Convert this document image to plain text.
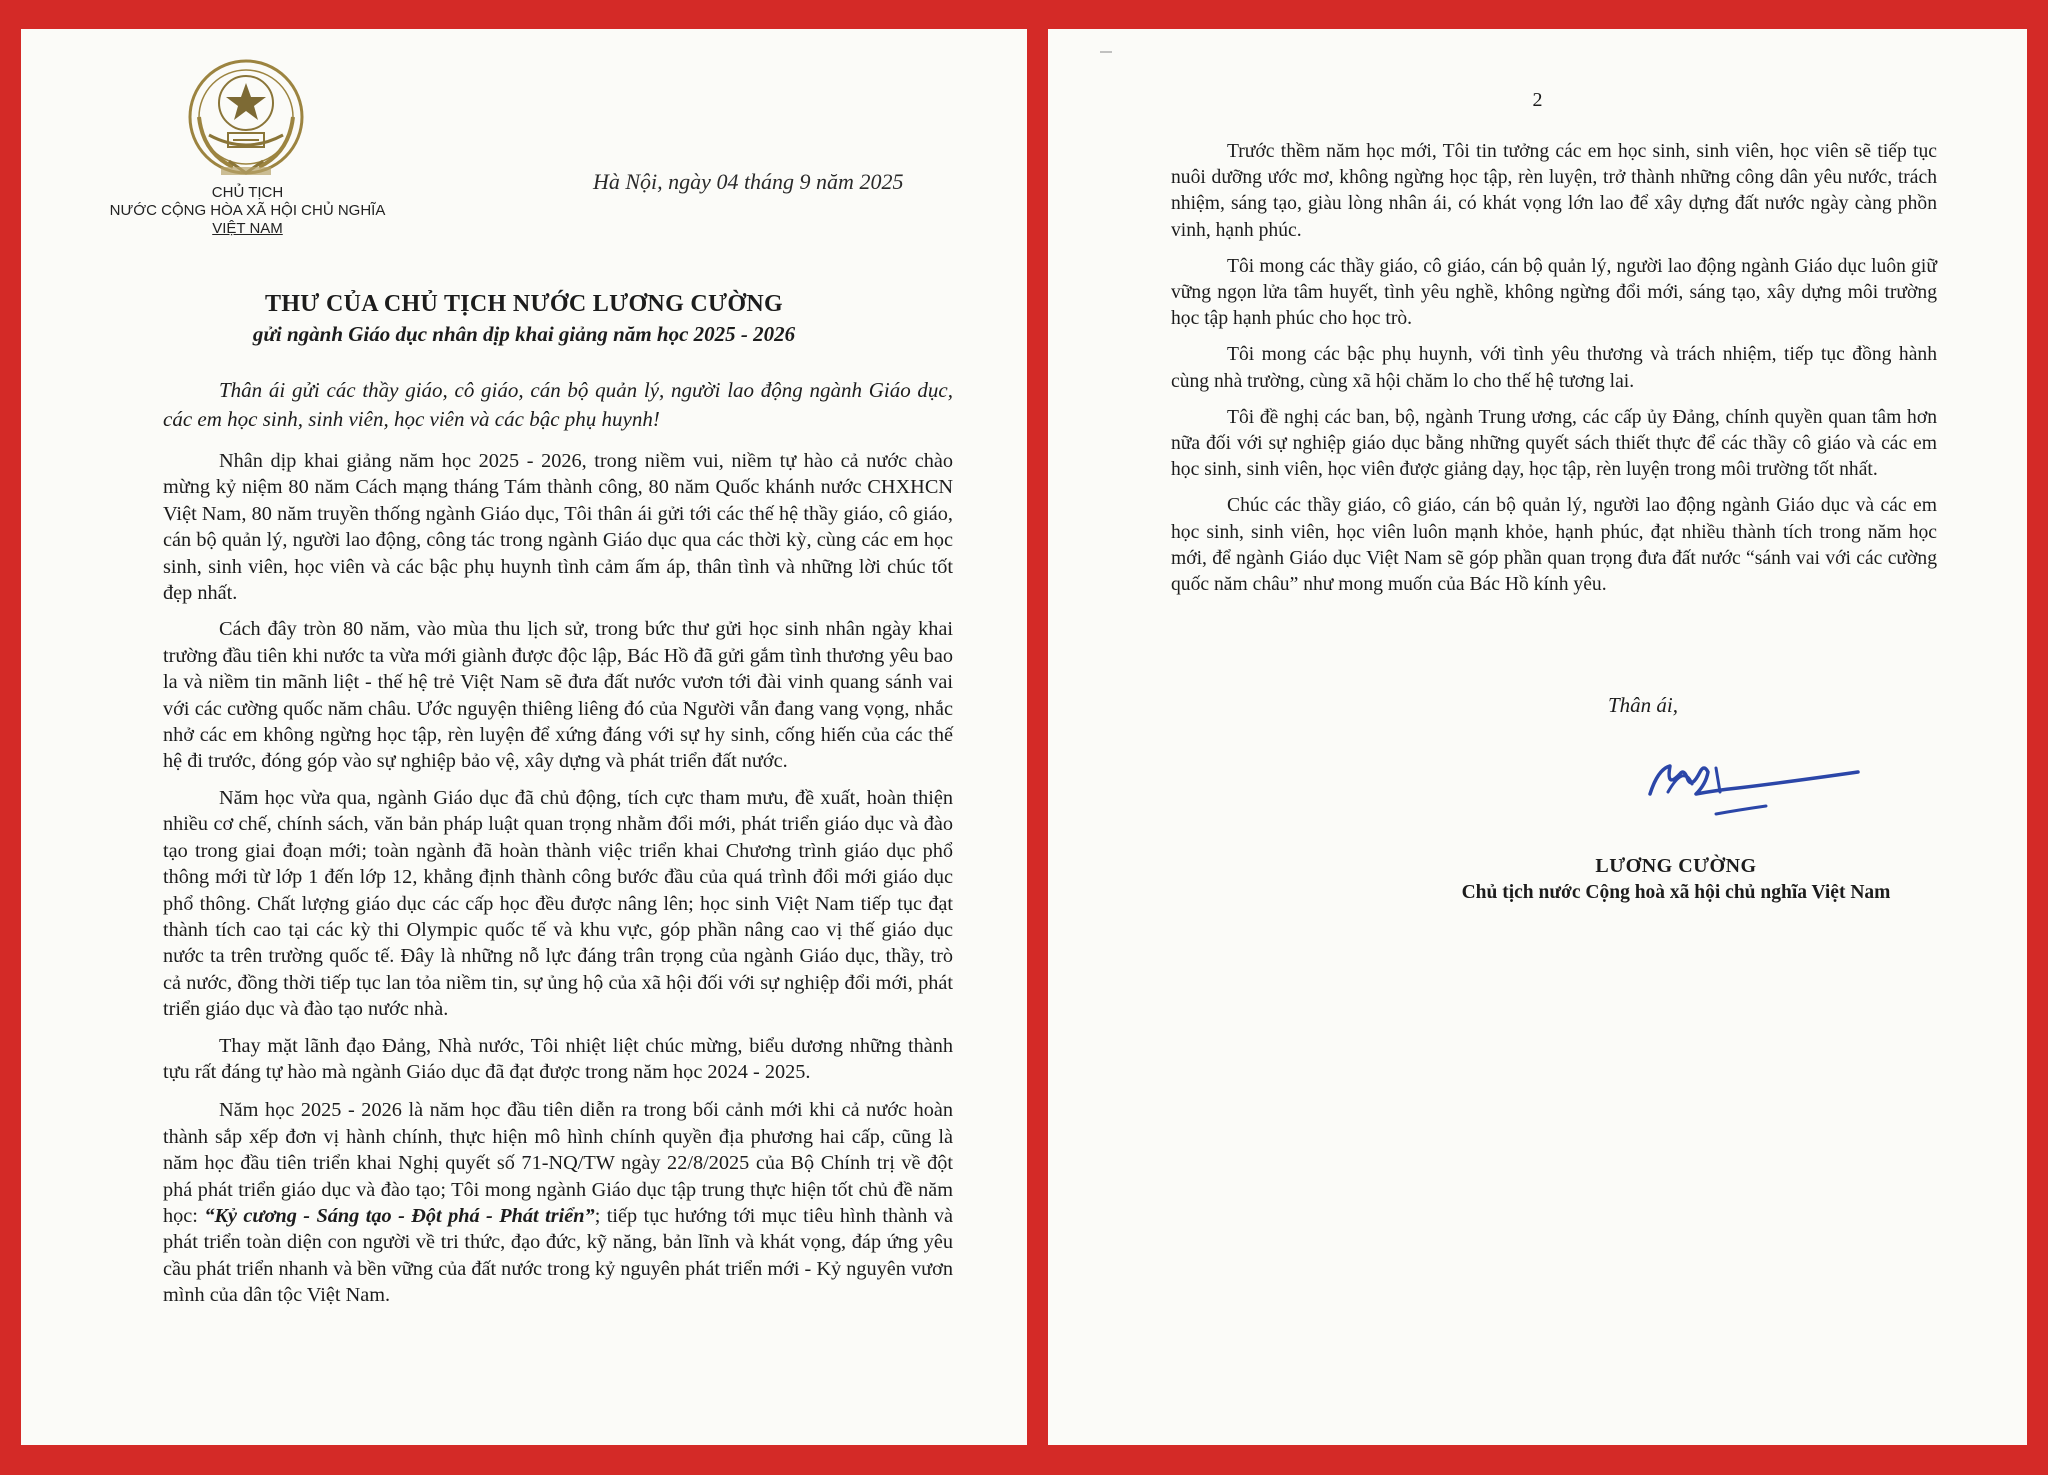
CHỦ TỊCH
NƯỚC CỘNG HÒA XÃ HỘI CHỦ NGHĨA
VIỆT NAM
Hà Nội, ngày 04 tháng 9 năm 2025
THƯ CỦA CHỦ TỊCH NƯỚC LƯƠNG CƯỜNG
gửi ngành Giáo dục nhân dịp khai giảng năm học 2025 - 2026

Thân ái gửi các thầy giáo, cô giáo, cán bộ quản lý, người lao động ngành Giáo dục, các em học sinh, sinh viên, học viên và các bậc phụ huynh!

Nhân dịp khai giảng năm học 2025 - 2026, trong niềm vui, niềm tự hào cả nước chào mừng kỷ niệm 80 năm Cách mạng tháng Tám thành công, 80 năm Quốc khánh nước CHXHCN Việt Nam, 80 năm truyền thống ngành Giáo dục, Tôi thân ái gửi tới các thế hệ thầy giáo, cô giáo, cán bộ quản lý, người lao động, công tác trong ngành Giáo dục qua các thời kỳ, cùng các em học sinh, sinh viên, học viên và các bậc phụ huynh tình cảm ấm áp, thân tình và những lời chúc tốt đẹp nhất.

Cách đây tròn 80 năm, vào mùa thu lịch sử, trong bức thư gửi học sinh nhân ngày khai trường đầu tiên khi nước ta vừa mới giành được độc lập, Bác Hồ đã gửi gắm tình thương yêu bao la và niềm tin mãnh liệt - thế hệ trẻ Việt Nam sẽ đưa đất nước vươn tới đài vinh quang sánh vai với các cường quốc năm châu. Ước nguyện thiêng liêng đó của Người vẫn đang vang vọng, nhắc nhở các em không ngừng học tập, rèn luyện để xứng đáng với sự hy sinh, cống hiến của các thế hệ đi trước, đóng góp vào sự nghiệp bảo vệ, xây dựng và phát triển đất nước.

Năm học vừa qua, ngành Giáo dục đã chủ động, tích cực tham mưu, đề xuất, hoàn thiện nhiều cơ chế, chính sách, văn bản pháp luật quan trọng nhằm đổi mới, phát triển giáo dục và đào tạo trong giai đoạn mới; toàn ngành đã hoàn thành việc triển khai Chương trình giáo dục phổ thông mới từ lớp 1 đến lớp 12, khẳng định thành công bước đầu của quá trình đổi mới giáo dục phổ thông. Chất lượng giáo dục các cấp học đều được nâng lên; học sinh Việt Nam tiếp tục đạt thành tích cao tại các kỳ thi Olympic quốc tế và khu vực, góp phần nâng cao vị thế giáo dục nước ta trên trường quốc tế. Đây là những nỗ lực đáng trân trọng của ngành Giáo dục, thầy, trò cả nước, đồng thời tiếp tục lan tỏa niềm tin, sự ủng hộ của xã hội đối với sự nghiệp đổi mới, phát triển giáo dục và đào tạo nước nhà.

Thay mặt lãnh đạo Đảng, Nhà nước, Tôi nhiệt liệt chúc mừng, biểu dương những thành tựu rất đáng tự hào mà ngành Giáo dục đã đạt được trong năm học 2024 - 2025.

Năm học 2025 - 2026 là năm học đầu tiên diễn ra trong bối cảnh mới khi cả nước hoàn thành sắp xếp đơn vị hành chính, thực hiện mô hình chính quyền địa phương hai cấp, cũng là năm học đầu tiên triển khai Nghị quyết số 71-NQ/TW ngày 22/8/2025 của Bộ Chính trị về đột phá phát triển giáo dục và đào tạo; Tôi mong ngành Giáo dục tập trung thực hiện tốt chủ đề năm học: “Kỷ cương - Sáng tạo - Đột phá - Phát triển”; tiếp tục hướng tới mục tiêu hình thành và phát triển toàn diện con người về tri thức, đạo đức, kỹ năng, bản lĩnh và khát vọng, đáp ứng yêu cầu phát triển nhanh và bền vững của đất nước trong kỷ nguyên phát triển mới - Kỷ nguyên vươn mình của dân tộc Việt Nam.

2

Trước thềm năm học mới, Tôi tin tưởng các em học sinh, sinh viên, học viên sẽ tiếp tục nuôi dưỡng ước mơ, không ngừng học tập, rèn luyện, trở thành những công dân yêu nước, trách nhiệm, sáng tạo, giàu lòng nhân ái, có khát vọng lớn lao để xây dựng đất nước ngày càng phồn vinh, hạnh phúc.

Tôi mong các thầy giáo, cô giáo, cán bộ quản lý, người lao động ngành Giáo dục luôn giữ vững ngọn lửa tâm huyết, tình yêu nghề, không ngừng đổi mới, sáng tạo, xây dựng môi trường học tập hạnh phúc cho học trò.

Tôi mong các bậc phụ huynh, với tình yêu thương và trách nhiệm, tiếp tục đồng hành cùng nhà trường, cùng xã hội chăm lo cho thế hệ tương lai.

Tôi đề nghị các ban, bộ, ngành Trung ương, các cấp ủy Đảng, chính quyền quan tâm hơn nữa đối với sự nghiệp giáo dục bằng những quyết sách thiết thực để các thầy cô giáo và các em học sinh, sinh viên, học viên được giảng dạy, học tập, rèn luyện trong môi trường tốt nhất.

Chúc các thầy giáo, cô giáo, cán bộ quản lý, người lao động ngành Giáo dục và các em học sinh, sinh viên, học viên luôn mạnh khỏe, hạnh phúc, đạt nhiều thành tích trong năm học mới, để ngành Giáo dục Việt Nam sẽ góp phần quan trọng đưa đất nước “sánh vai với các cường quốc năm châu” như mong muốn của Bác Hồ kính yêu.

Thân ái,
LƯƠNG CƯỜNG
Chủ tịch nước Cộng hoà xã hội chủ nghĩa Việt Nam
